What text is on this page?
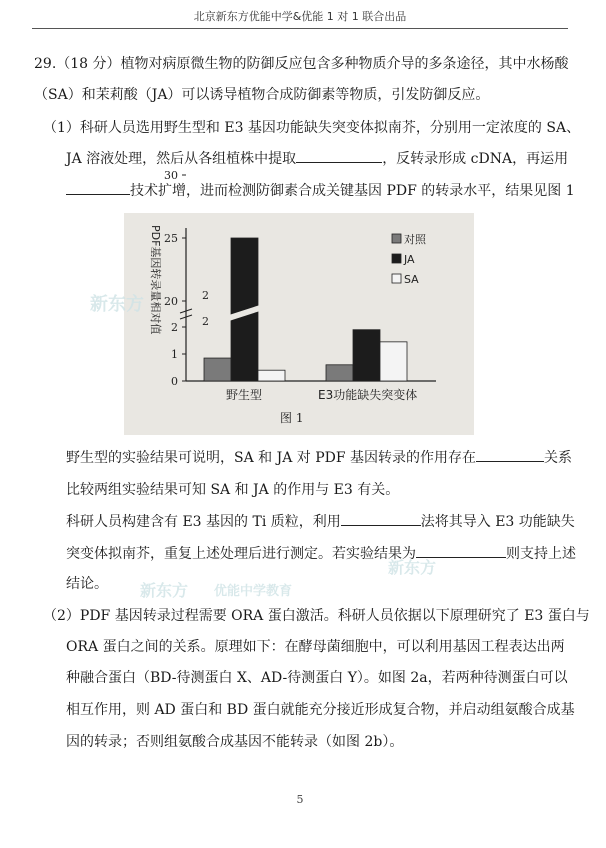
北京新东方优能中学&优能 1 对 1 联合出品
29.（18 分）植物对病原微生物的防御反应包含多种物质介导的多条途径，其中水杨酸
（SA）和茉莉酸（JA）可以诱导植物合成防御素等物质，引发防御反应。
（1）科研人员选用野生型和 E3 基因功能缺失突变体拟南芥，分别用一定浓度的 SA、
JA 溶液处理，然后从各组植株中提取	，反转录形成 cDNA，再运用
技术扩增，进而检测防御素合成关键基因 PDF 的转录水平，结果见图 1
0
1
2
20
25
30
PDF基因转录量相对值	2
2
野生型	E3功能缺失突变体
图 1
对照
JA
SA
野生型的实验结果可说明，SA 和 JA 对 PDF 基因转录的作用存在	关系
比较两组实验结果可知 SA 和 JA 的作用与 E3 有关。
科研人员构建含有 E3 基因的 Ti 质粒，利用	法将其导入 E3 功能缺失
突变体拟南芥，重复上述处理后进行测定。若实验结果为	则支持上述
结论。
（2）PDF 基因转录过程需要 ORA 蛋白激活。科研人员依据以下原理研究了 E3 蛋白与
ORA 蛋白之间的关系。原理如下：在酵母菌细胞中，可以利用基因工程表达出两
种融合蛋白（BD-待测蛋白 X、AD-待测蛋白 Y）。如图 2a，若两种待测蛋白可以
相互作用，则 AD 蛋白和 BD 蛋白就能充分接近形成复合物，并启动组氨酸合成基
因的转录；否则组氨酸合成基因不能转录（如图 2b）。
新东方
优能中学教育
新东方
新东方
5
